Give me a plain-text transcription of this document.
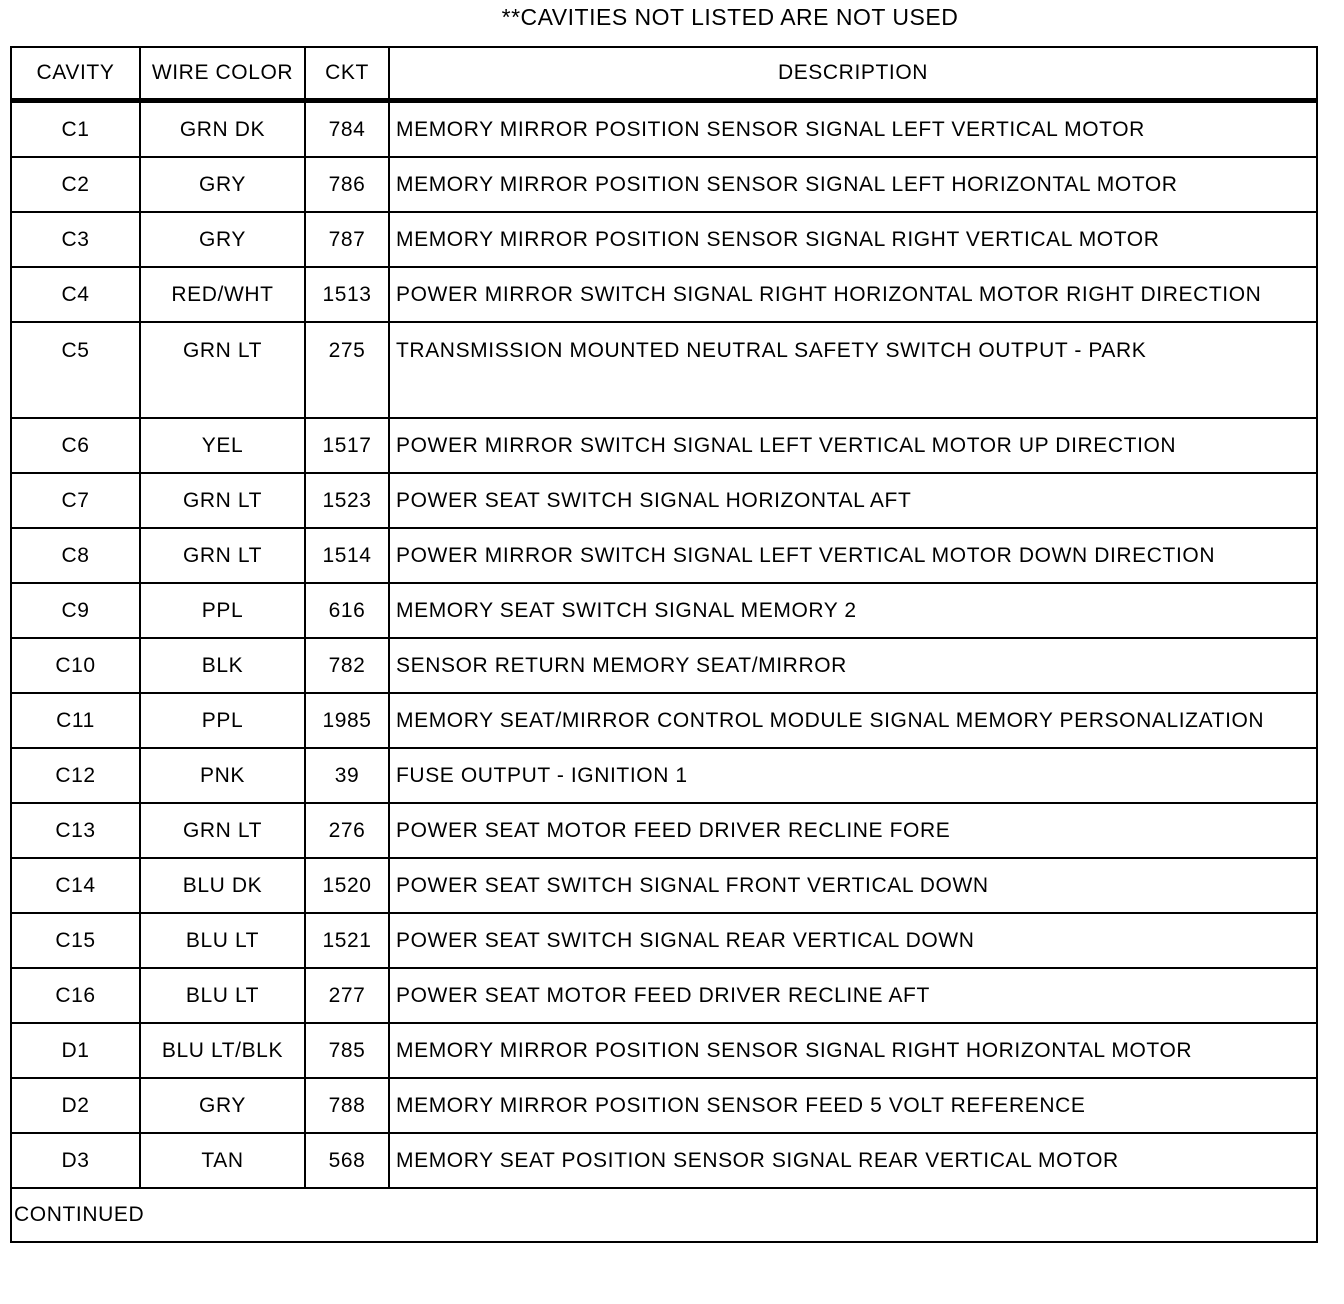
**CAVITIES NOT LISTED ARE NOT USED
CAVITY	WIRE COLOR	CKT	DESCRIPTION
C1	GRN DK	784	MEMORY MIRROR POSITION SENSOR SIGNAL LEFT VERTICAL MOTOR
C2	GRY	786	MEMORY MIRROR POSITION SENSOR SIGNAL LEFT HORIZONTAL MOTOR
C3	GRY	787	MEMORY MIRROR POSITION SENSOR SIGNAL RIGHT VERTICAL MOTOR
C4	RED/WHT	1513	POWER MIRROR SWITCH SIGNAL RIGHT HORIZONTAL MOTOR RIGHT DIRECTION
C5	GRN LT	275	TRANSMISSION MOUNTED NEUTRAL SAFETY SWITCH OUTPUT - PARK
C6	YEL	1517	POWER MIRROR SWITCH SIGNAL LEFT VERTICAL MOTOR UP DIRECTION
C7	GRN LT	1523	POWER SEAT SWITCH SIGNAL HORIZONTAL AFT
C8	GRN LT	1514	POWER MIRROR SWITCH SIGNAL LEFT VERTICAL MOTOR DOWN DIRECTION
C9	PPL	616	MEMORY SEAT SWITCH SIGNAL MEMORY 2
C10	BLK	782	SENSOR RETURN MEMORY SEAT/MIRROR
C11	PPL	1985	MEMORY SEAT/MIRROR CONTROL MODULE SIGNAL MEMORY PERSONALIZATION
C12	PNK	39	FUSE OUTPUT - IGNITION 1
C13	GRN LT	276	POWER SEAT MOTOR FEED DRIVER RECLINE FORE
C14	BLU DK	1520	POWER SEAT SWITCH SIGNAL FRONT VERTICAL DOWN
C15	BLU LT	1521	POWER SEAT SWITCH SIGNAL REAR VERTICAL DOWN
C16	BLU LT	277	POWER SEAT MOTOR FEED DRIVER RECLINE AFT
D1	BLU LT/BLK	785	MEMORY MIRROR POSITION SENSOR SIGNAL RIGHT HORIZONTAL MOTOR
D2	GRY	788	MEMORY MIRROR POSITION SENSOR FEED 5 VOLT REFERENCE
D3	TAN	568	MEMORY SEAT POSITION SENSOR SIGNAL REAR VERTICAL MOTOR
CONTINUED			
